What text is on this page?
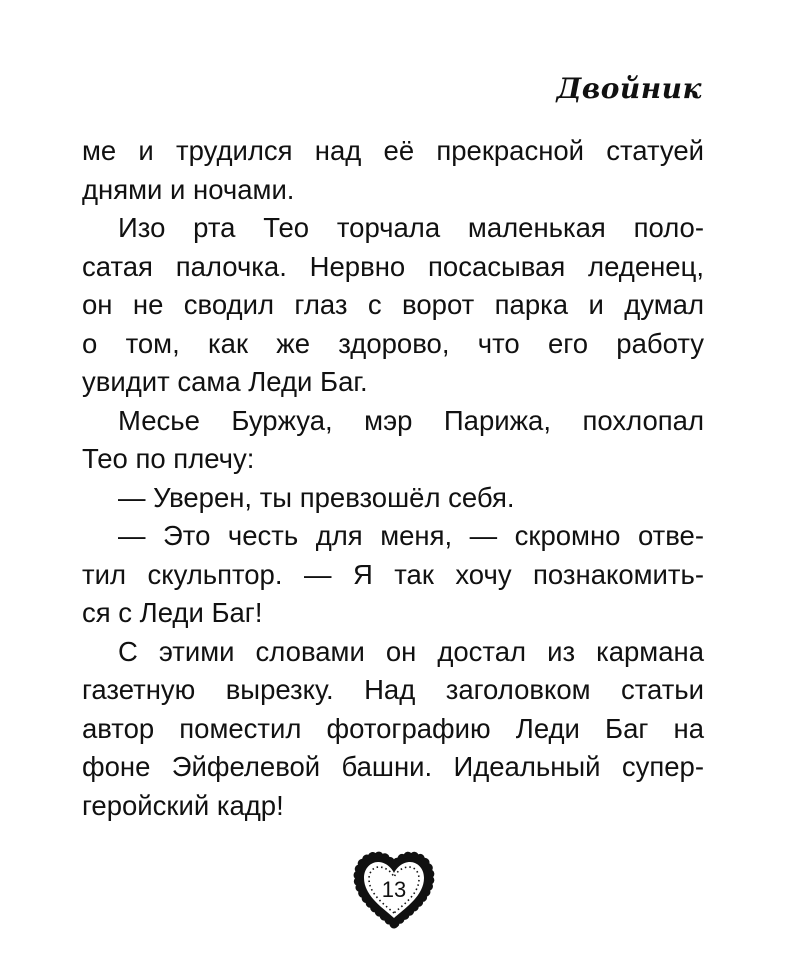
Двойник
ме и трудился над её прекрасной статуей
днями и ночами.
Изо рта Тео торчала маленькая поло-
сатая палочка. Нервно посасывая леденец,
он не сводил глаз с ворот парка и думал
о том, как же здорово, что его работу
увидит сама Леди Баг.
Месье Буржуа, мэр Парижа, похлопал
Тео по плечу:
— Уверен, ты превзошёл себя.
— Это честь для меня, — скромно отве-
тил скульптор. — Я так хочу познакомить-
ся с Леди Баг!
С этими словами он достал из кармана
газетную вырезку. Над заголовком статьи
автор поместил фотографию Леди Баг на
фоне Эйфелевой башни. Идеальный супер-
геройский кадр!
13
